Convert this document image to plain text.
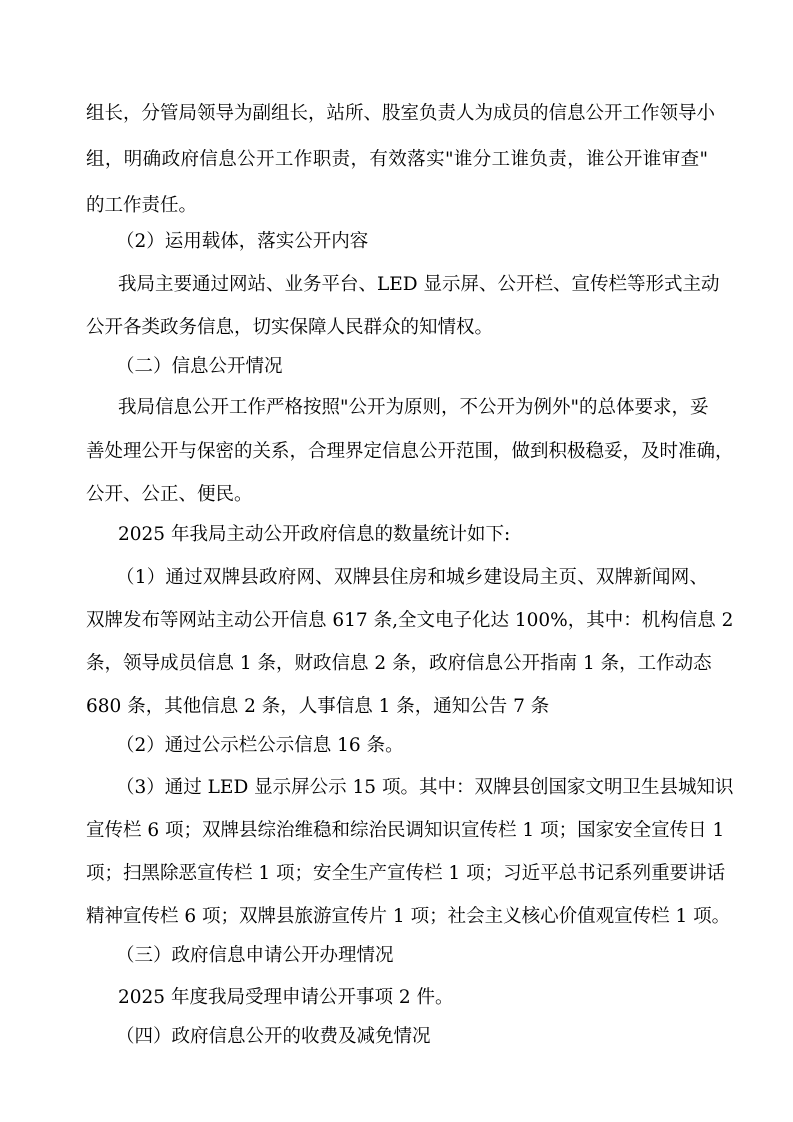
组长，分管局领导为副组长，站所、股室负责人为成员的信息公开工作领导小
组，明确政府信息公开工作职责，有效落实"谁分工谁负责，谁公开谁审查"
的工作责任。
（2）运用载体，落实公开内容
我局主要通过网站、业务平台、LED 显示屏、公开栏、宣传栏等形式主动
公开各类政务信息，切实保障人民群众的知情权。
（二）信息公开情况
我局信息公开工作严格按照"公开为原则，不公开为例外"的总体要求，妥
善处理公开与保密的关系，合理界定信息公开范围，做到积极稳妥，及时准确，
公开、公正、便民。
2025 年我局主动公开政府信息的数量统计如下:
（1）通过双牌县政府网、双牌县住房和城乡建设局主页、双牌新闻网、
双牌发布等网站主动公开信息 617 条,全文电子化达 100%，其中：机构信息 2
条，领导成员信息 1 条，财政信息 2 条，政府信息公开指南 1 条，工作动态
680 条，其他信息 2 条，人事信息 1 条，通知公告 7 条
（2）通过公示栏公示信息 16 条。
（3）通过 LED 显示屏公示 15 项。其中：双牌县创国家文明卫生县城知识
宣传栏 6 项；双牌县综治维稳和综治民调知识宣传栏 1 项；国家安全宣传日 1
项；扫黑除恶宣传栏 1 项；安全生产宣传栏 1 项；习近平总书记系列重要讲话
精神宣传栏 6 项；双牌县旅游宣传片 1 项；社会主义核心价值观宣传栏 1 项。
（三）政府信息申请公开办理情况
2025 年度我局受理申请公开事项 2 件。
（四）政府信息公开的收费及减免情况
